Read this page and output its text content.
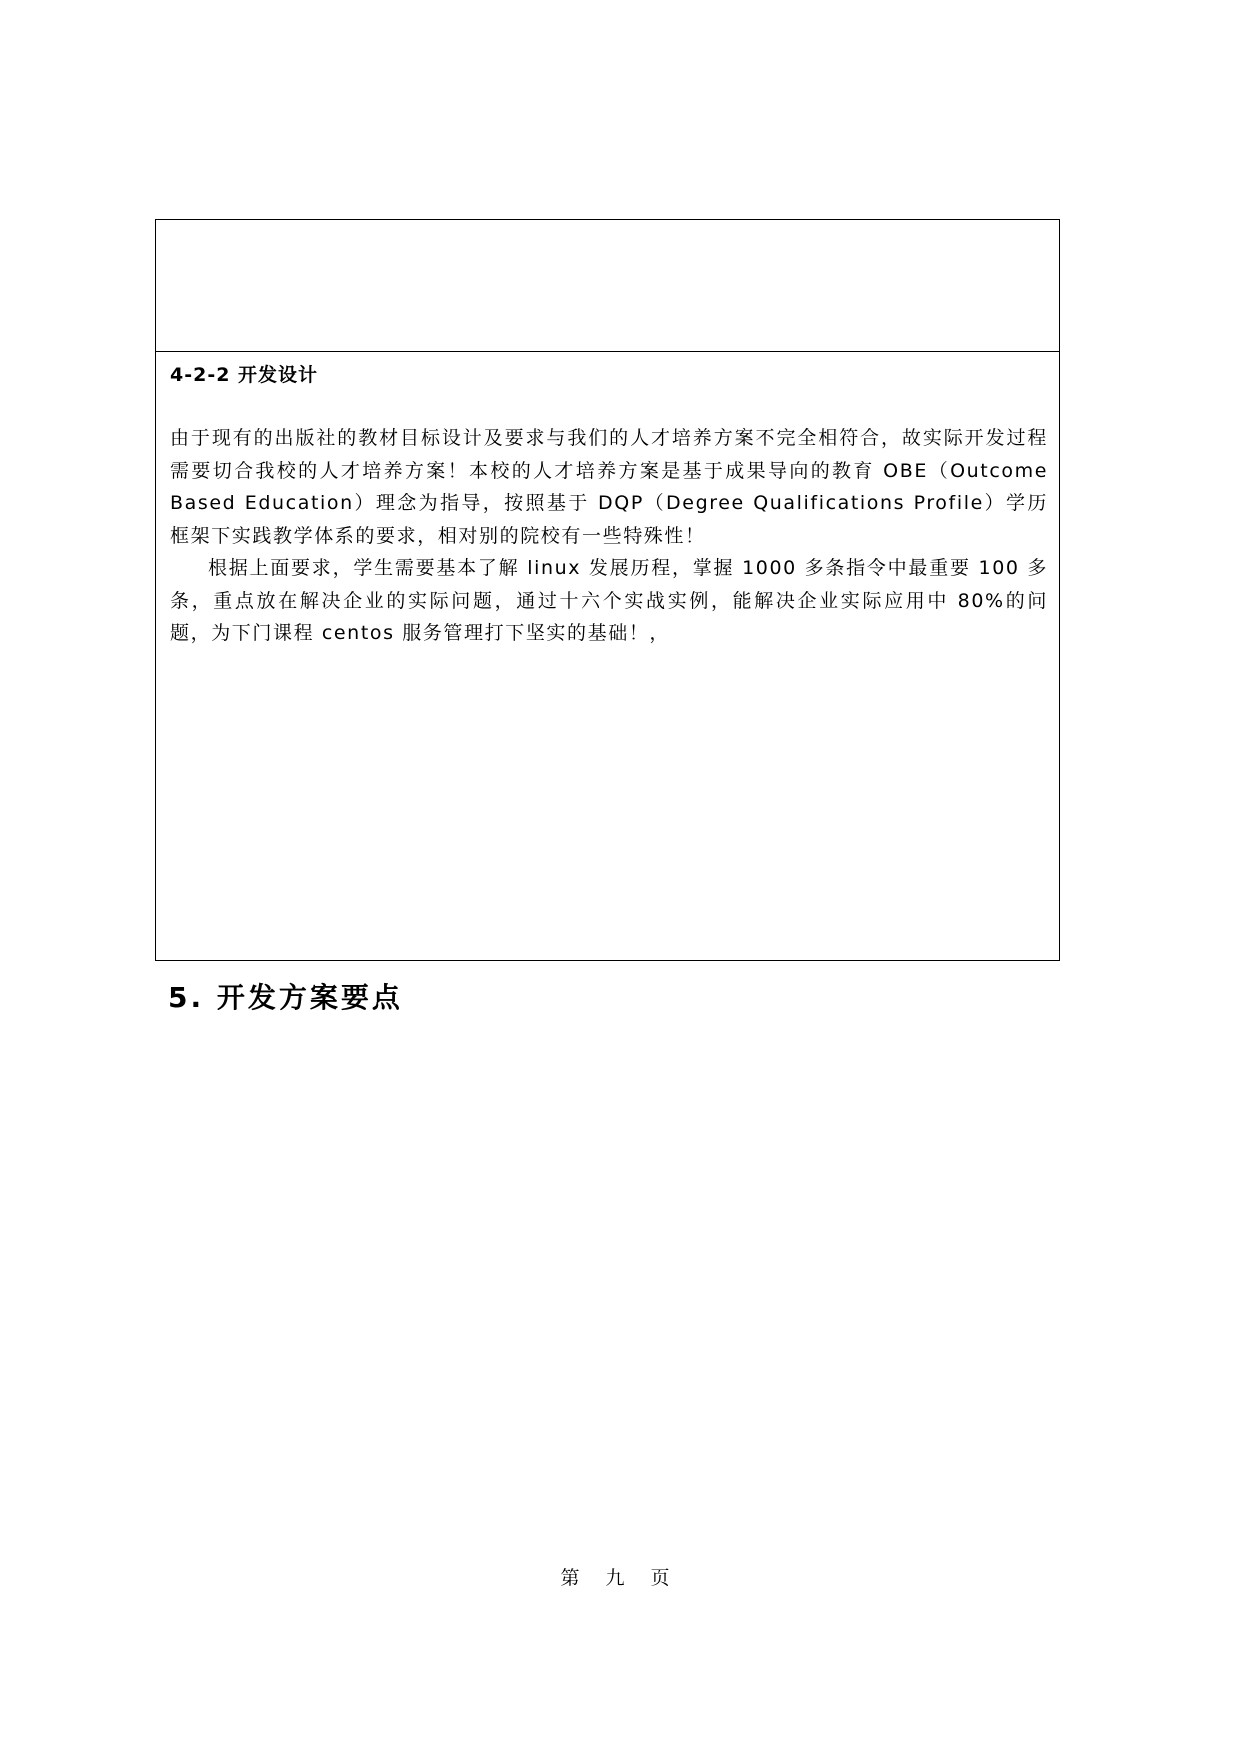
4-2-2 开发设计

由于现有的出版社的教材目标设计及要求与我们的人才培养方案不完全相符合，故实际开发过程需要切合我校的人才培养方案！本校的人才培养方案是基于成果导向的教育 OBE（Outcome Based Education）理念为指导，按照基于 DQP（Degree Qualifications Profile）学历框架下实践教学体系的要求，相对别的院校有一些特殊性！

根据上面要求，学生需要基本了解 linux 发展历程，掌握 1000 多条指令中最重要 100 多条，重点放在解决企业的实际问题，通过十六个实战实例，能解决企业实际应用中 80%的问题，为下门课程 centos 服务管理打下坚实的基础！，

5. 开发方案要点
第 九 页
